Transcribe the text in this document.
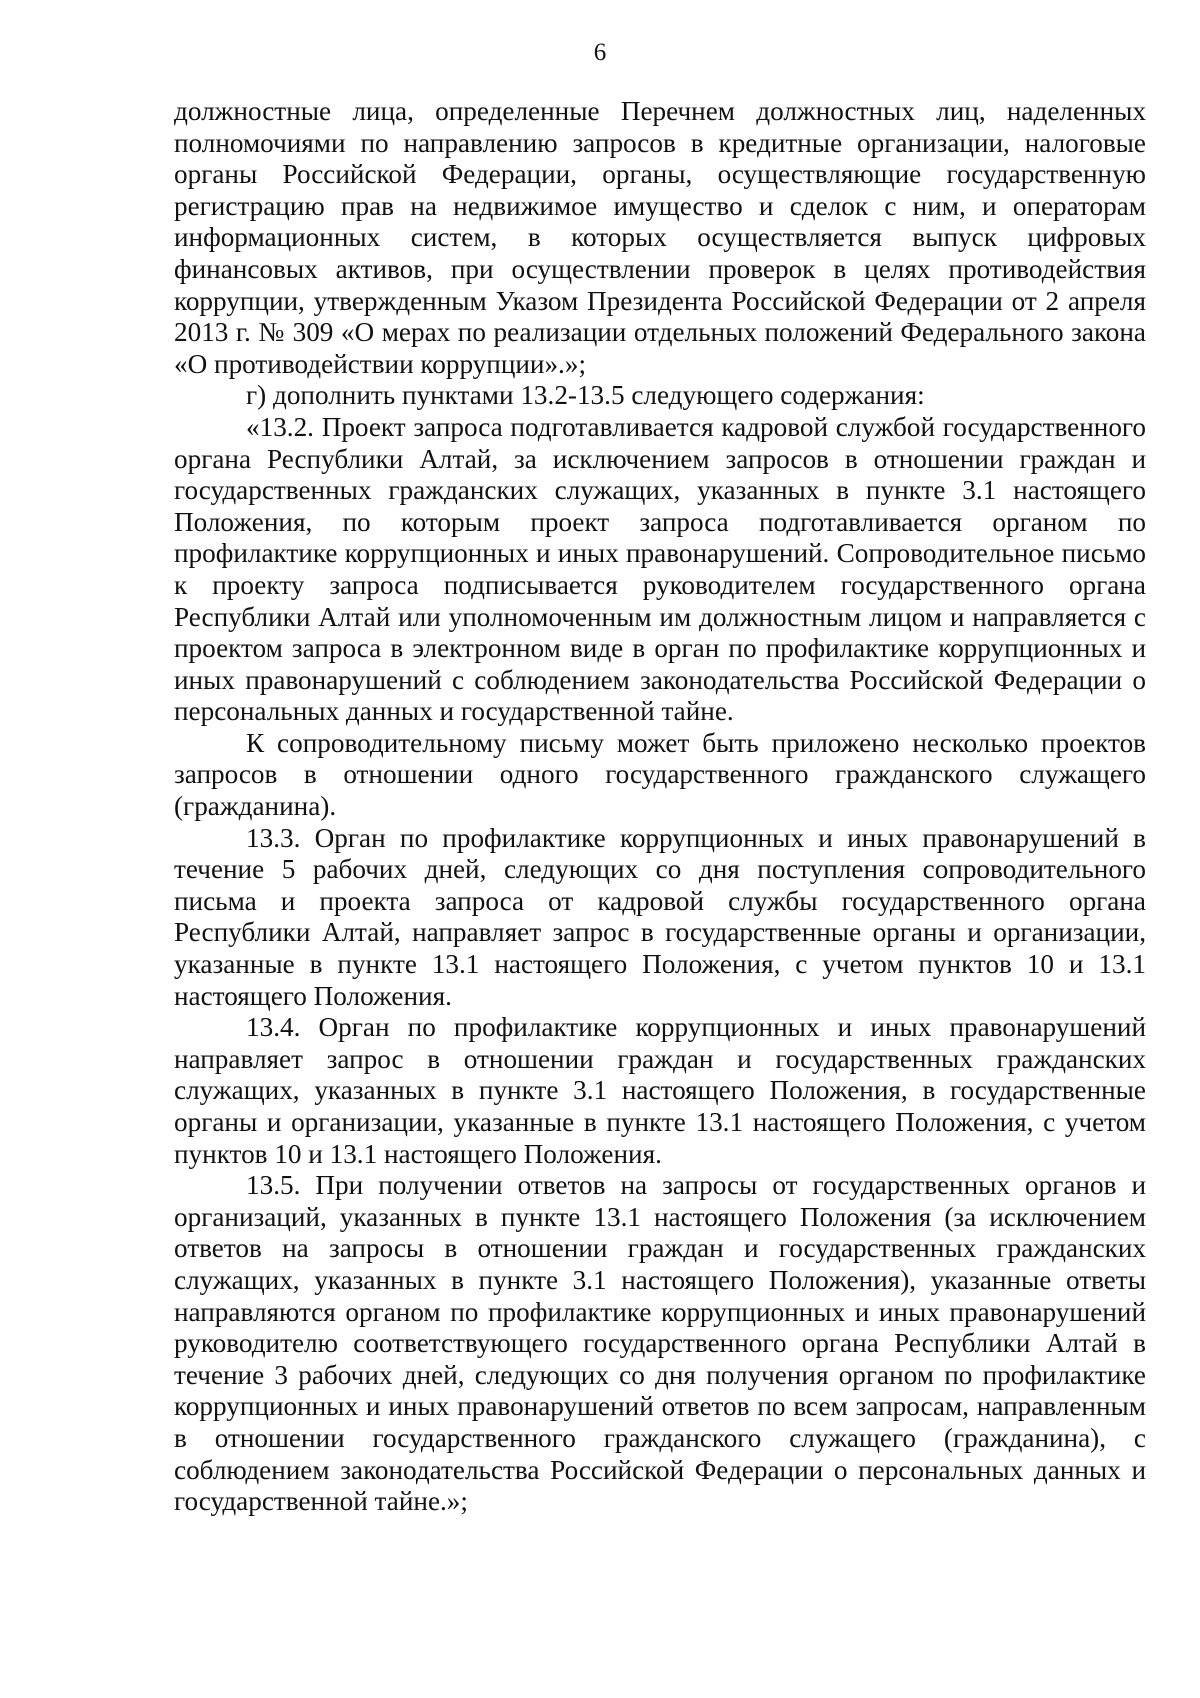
6

должностные лица, определенные Перечнем должностных лиц, наделенных полномочиями по направлению запросов в кредитные организации, налоговые органы Российской Федерации, органы, осуществляющие государственную регистрацию прав на недвижимое имущество и сделок с ним, и операторам информационных систем, в которых осуществляется выпуск цифровых финансовых активов, при осуществлении проверок в целях противодействия коррупции, утвержденным Указом Президента Российской Федерации от 2 апреля 2013 г. № 309 «О мерах по реализации отдельных положений Федерального закона «О противодействии коррупции».»;

г) дополнить пунктами 13.2-13.5 следующего содержания:

«13.2. Проект запроса подготавливается кадровой службой государственного органа Республики Алтай, за исключением запросов в отношении граждан и государственных гражданских служащих, указанных в пункте 3.1 настоящего Положения, по которым проект запроса подготавливается органом по профилактике коррупционных и иных правонарушений. Сопроводительное письмо к проекту запроса подписывается руководителем государственного органа Республики Алтай или уполномоченным им должностным лицом и направляется с проектом запроса в электронном виде в орган по профилактике коррупционных и иных правонарушений с соблюдением законодательства Российской Федерации о персональных данных и государственной тайне.

К сопроводительному письму может быть приложено несколько проектов запросов в отношении одного государственного гражданского служащего (гражданина).

13.3. Орган по профилактике коррупционных и иных правонарушений в течение 5 рабочих дней, следующих со дня поступления сопроводительного письма и проекта запроса от кадровой службы государственного органа Республики Алтай, направляет запрос в государственные органы и организации, указанные в пункте 13.1 настоящего Положения, с учетом пунктов 10 и 13.1 настоящего Положения.

13.4. Орган по профилактике коррупционных и иных правонарушений направляет запрос в отношении граждан и государственных гражданских служащих, указанных в пункте 3.1 настоящего Положения, в государственные органы и организации, указанные в пункте 13.1 настоящего Положения, с учетом пунктов 10 и 13.1 настоящего Положения.

13.5. При получении ответов на запросы от государственных органов и организаций, указанных в пункте 13.1 настоящего Положения (за исключением ответов на запросы в отношении граждан и государственных гражданских служащих, указанных в пункте 3.1 настоящего Положения), указанные ответы направляются органом по профилактике коррупционных и иных правонарушений руководителю соответствующего государственного органа Республики Алтай в течение 3 рабочих дней, следующих со дня получения органом по профилактике коррупционных и иных правонарушений ответов по всем запросам, направленным в отношении государственного гражданского служащего (гражданина), с соблюдением законодательства Российской Федерации о персональных данных и государственной тайне.»;
